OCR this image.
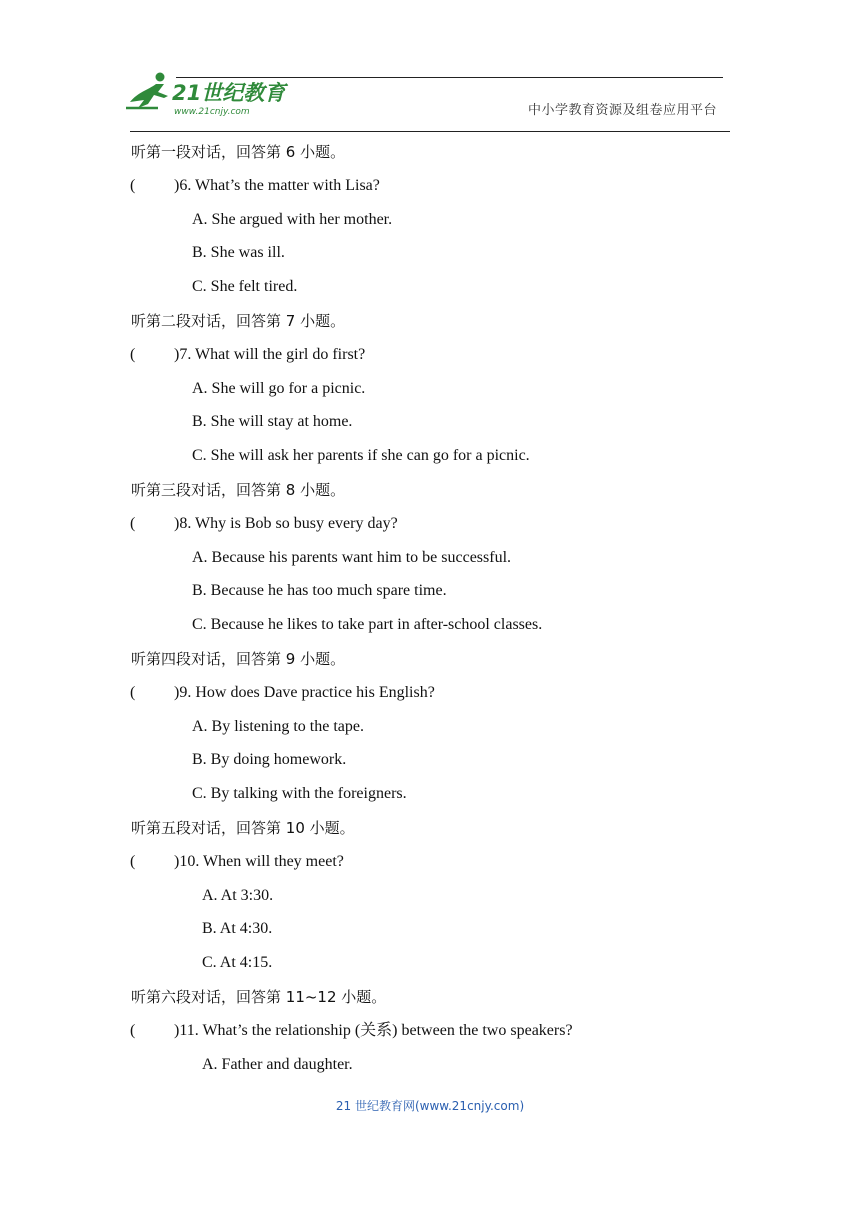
21世纪教育
www.21cnjy.com	中小学教育资源及组卷应用平台
听第一段对话，回答第 6 小题。
( )6. What’s the matter with Lisa?
A. She argued with her mother.
B. She was ill.
C. She felt tired.
听第二段对话，回答第 7 小题。
( )7. What will the girl do first?
A. She will go for a picnic.
B. She will stay at home.
C. She will ask her parents if she can go for a picnic.
听第三段对话，回答第 8 小题。
( )8. Why is Bob so busy every day?
A. Because his parents want him to be successful.
B. Because he has too much spare time.
C. Because he likes to take part in after-school classes.
听第四段对话，回答第 9 小题。
( )9. How does Dave practice his English?
A. By listening to the tape.
B. By doing homework.
C. By talking with the foreigners.
听第五段对话，回答第 10 小题。
( )10. When will they meet?
A. At 3:30.
B. At 4:30.
C. At 4:15.
听第六段对话，回答第 11~12 小题。
( )11. What’s the relationship (关系) between the two speakers?
A. Father and daughter.
21 世纪教育网(www.21cnjy.com)
